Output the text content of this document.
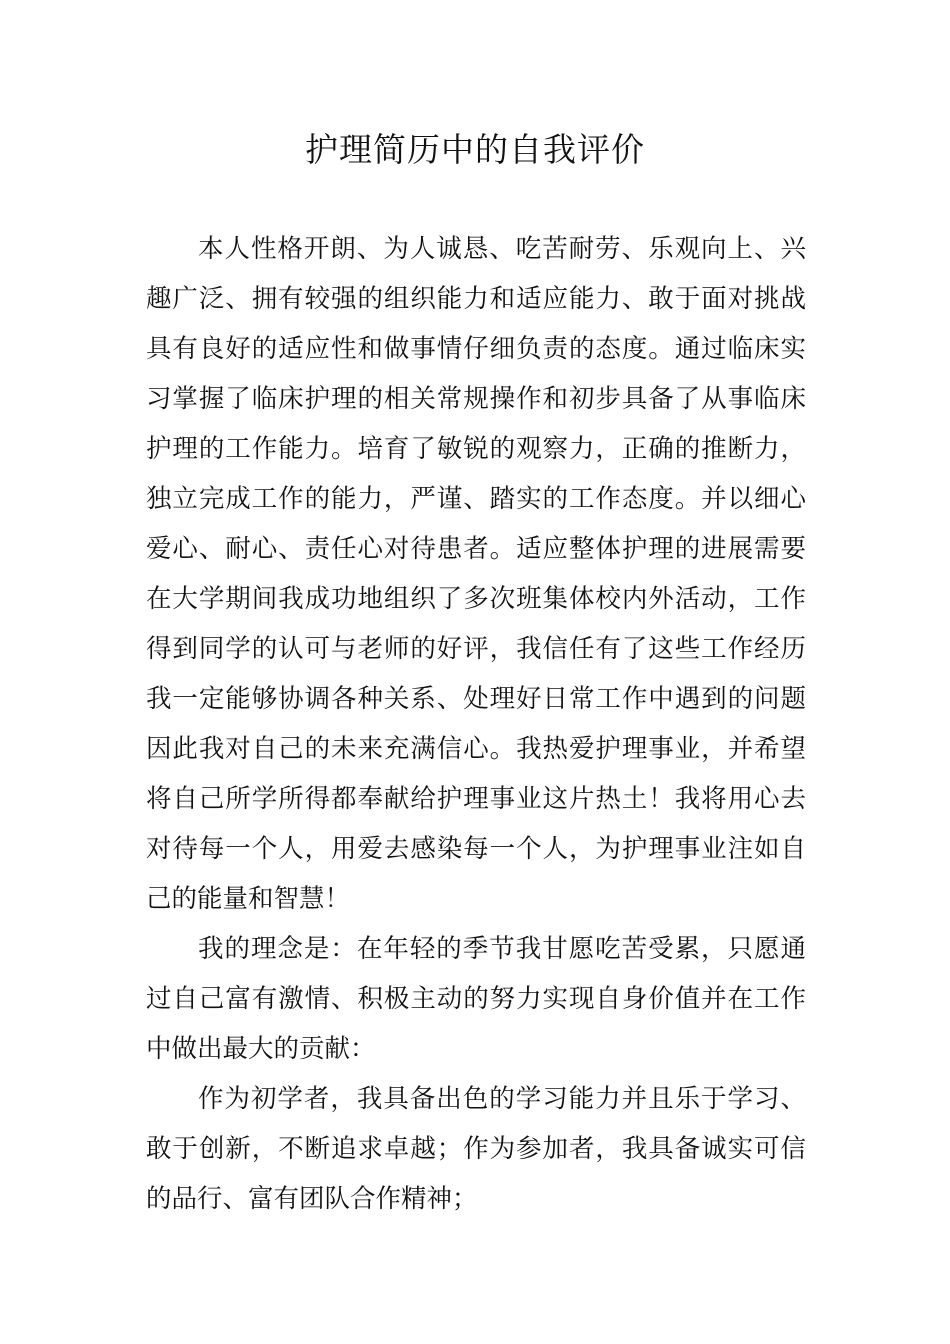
护理简历中的自我评价
本人性格开朗、为人诚恳、吃苦耐劳、乐观向上、兴
趣广泛、拥有较强的组织能力和适应能力、敢于面对挑战
具有良好的适应性和做事情仔细负责的态度。通过临床实
习掌握了临床护理的相关常规操作和初步具备了从事临床
护理的工作能力。培育了敏锐的观察力，正确的推断力，
独立完成工作的能力，严谨、踏实的工作态度。并以细心
爱心、耐心、责任心对待患者。适应整体护理的进展需要
在大学期间我成功地组织了多次班集体校内外活动，工作
得到同学的认可与老师的好评，我信任有了这些工作经历
我一定能够协调各种关系、处理好日常工作中遇到的问题
因此我对自己的未来充满信心。我热爱护理事业，并希望
将自己所学所得都奉献给护理事业这片热土！我将用心去
对待每一个人，用爱去感染每一个人，为护理事业注如自
己的能量和智慧！
我的理念是：在年轻的季节我甘愿吃苦受累，只愿通
过自己富有激情、积极主动的努力实现自身价值并在工作
中做出最大的贡献：
作为初学者，我具备出色的学习能力并且乐于学习、
敢于创新，不断追求卓越；作为参加者，我具备诚实可信
的品行、富有团队合作精神；
